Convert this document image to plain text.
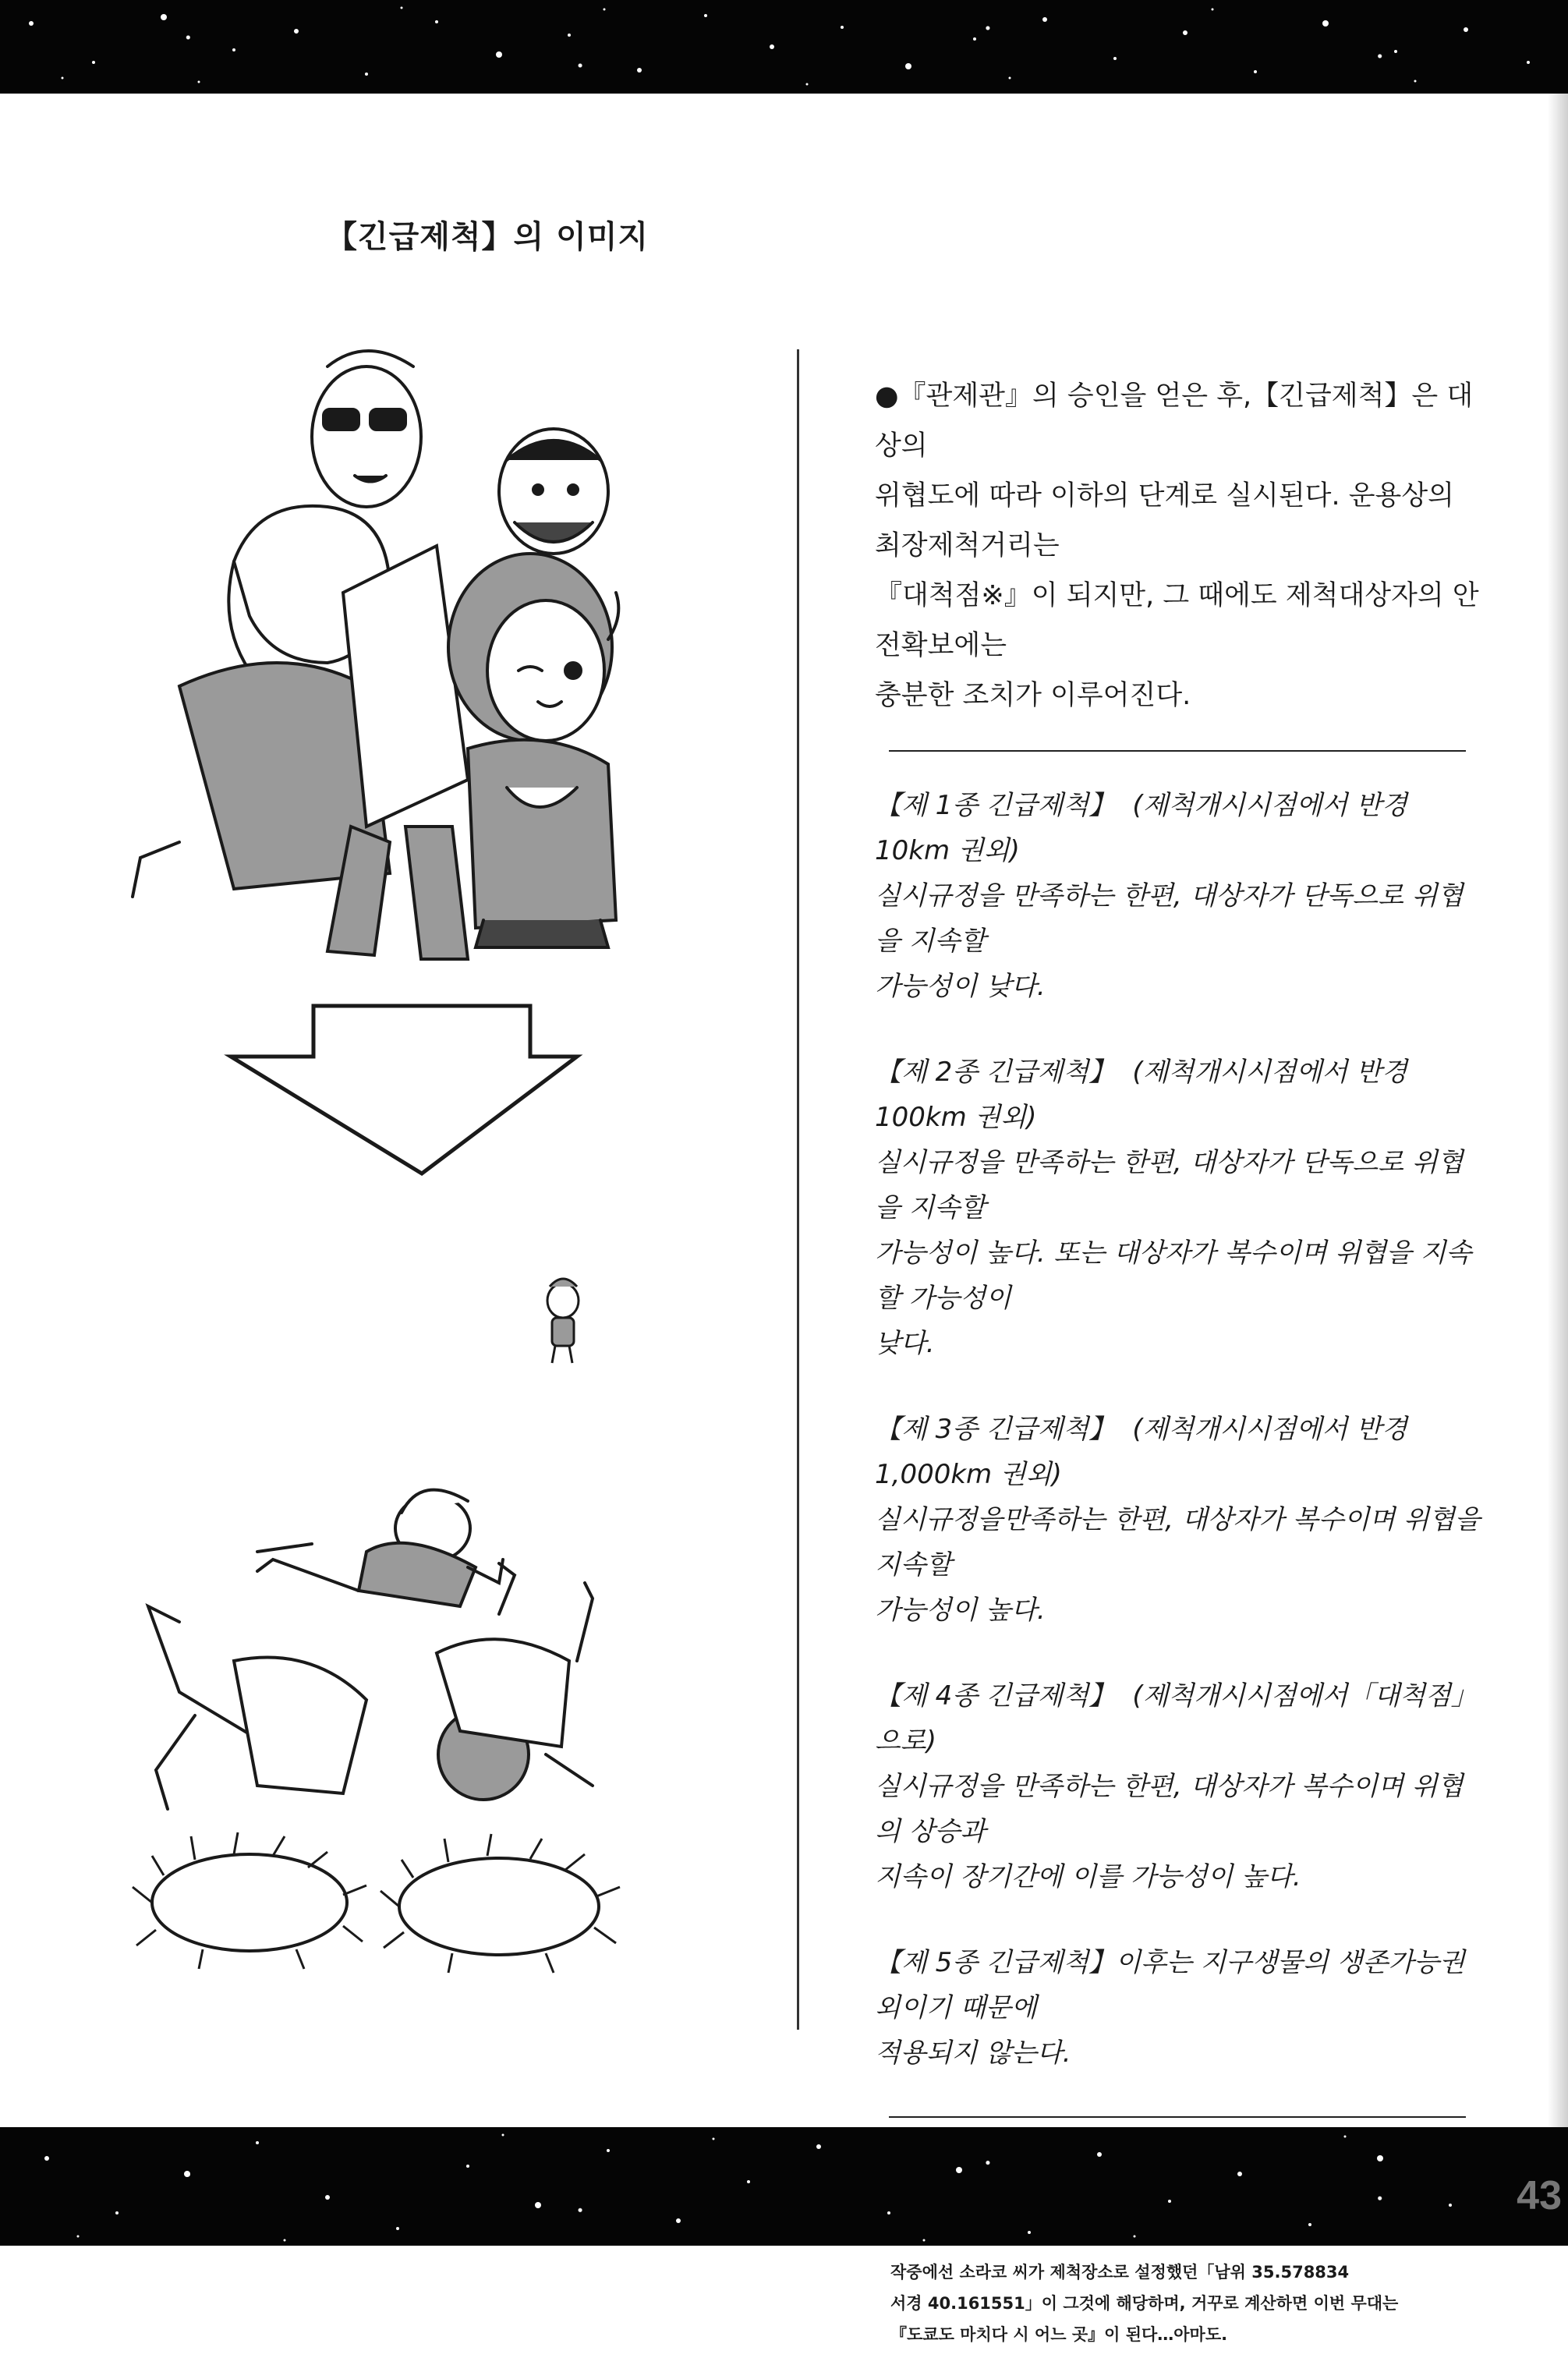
【긴급제척】의 이미지

●『관제관』의 승인을 얻은 후,【긴급제척】은 대상의
위협도에 따라 이하의 단계로 실시된다. 운용상의 최장제척거리는
『대척점※』이 되지만, 그 때에도 제척대상자의 안전확보에는
충분한 조치가 이루어진다.

【제 1종 긴급제척】 (제척개시시점에서 반경 10km 권외)
실시규정을 만족하는 한편, 대상자가 단독으로 위협을 지속할
가능성이 낮다.

【제 2종 긴급제척】 (제척개시시점에서 반경 100km 권외)
실시규정을 만족하는 한편, 대상자가 단독으로 위협을 지속할
가능성이 높다. 또는 대상자가 복수이며 위협을 지속할 가능성이
낮다.

【제 3종 긴급제척】 (제척개시시점에서 반경 1,000km 권외)
실시규정을만족하는 한편, 대상자가 복수이며 위협을 지속할
가능성이 높다.

【제 4종 긴급제척】 (제척개시시점에서「대척점」으로)
실시규정을 만족하는 한편, 대상자가 복수이며 위협의 상승과
지속이 장기간에 이를 가능성이 높다.

【제 5종 긴급제척】이후는 지구생물의 생존가능권외이기 때문에
적용되지 않는다.

작중에선 소라코 씨가 제척장소로 설정했던「남위 35.578834

서경 40.161551」이 그것에 해당하며, 거꾸로 계산하면 이번 무대는

『도쿄도 마치다 시 어느 곳』이 된다…아마도.

43
